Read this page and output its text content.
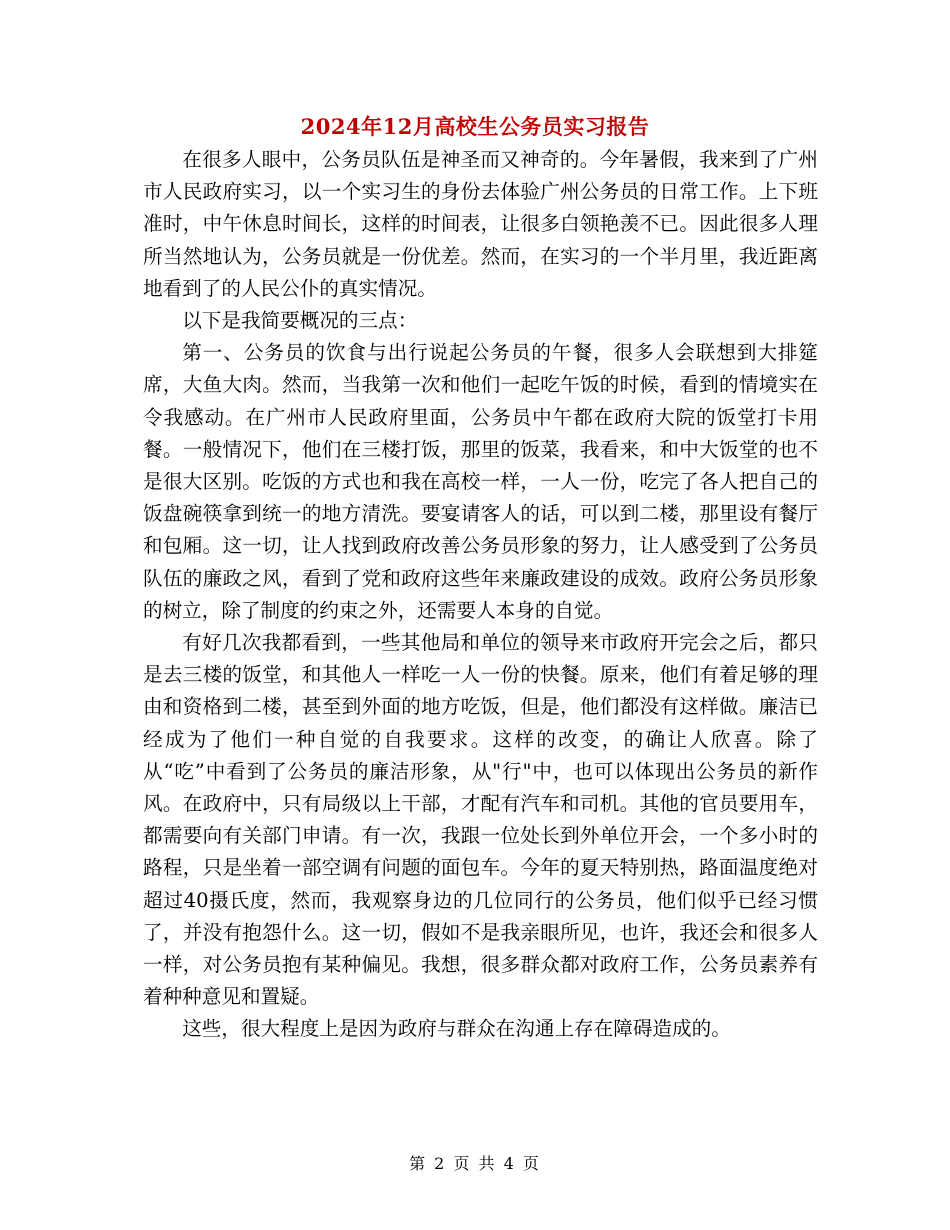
2024年12月高校生公务员实习报告

在很多人眼中，公务员队伍是神圣而又神奇的。今年暑假，我来到了广州市人民政府实习，以一个实习生的身份去体验广州公务员的日常工作。上下班准时，中午休息时间长，这样的时间表，让很多白领艳羡不已。因此很多人理所当然地认为，公务员就是一份优差。然而，在实习的一个半月里，我近距离地看到了的人民公仆的真实情况。

以下是我简要概况的三点：

第一、公务员的饮食与出行说起公务员的午餐，很多人会联想到大排筵席，大鱼大肉。然而，当我第一次和他们一起吃午饭的时候，看到的情境实在令我感动。在广州市人民政府里面，公务员中午都在政府大院的饭堂打卡用餐。一般情况下，他们在三楼打饭，那里的饭菜，我看来，和中大饭堂的也不是很大区别。吃饭的方式也和我在高校一样，一人一份，吃完了各人把自己的饭盘碗筷拿到统一的地方清洗。要宴请客人的话，可以到二楼，那里设有餐厅和包厢。这一切，让人找到政府改善公务员形象的努力，让人感受到了公务员队伍的廉政之风，看到了党和政府这些年来廉政建设的成效。政府公务员形象的树立，除了制度的约束之外，还需要人本身的自觉。

有好几次我都看到，一些其他局和单位的领导来市政府开完会之后，都只是去三楼的饭堂，和其他人一样吃一人一份的快餐。原来，他们有着足够的理由和资格到二楼，甚至到外面的地方吃饭，但是，他们都没有这样做。廉洁已经成为了他们一种自觉的自我要求。这样的改变，的确让人欣喜。除了从“吃”中看到了公务员的廉洁形象，从"行"中，也可以体现出公务员的新作风。在政府中，只有局级以上干部，才配有汽车和司机。其他的官员要用车，都需要向有关部门申请。有一次，我跟一位处长到外单位开会，一个多小时的路程，只是坐着一部空调有问题的面包车。今年的夏天特别热，路面温度绝对超过40摄氏度，然而，我观察身边的几位同行的公务员，他们似乎已经习惯了，并没有抱怨什么。这一切，假如不是我亲眼所见，也许，我还会和很多人一样，对公务员抱有某种偏见。我想，很多群众都对政府工作，公务员素养有着种种意见和置疑。

这些，很大程度上是因为政府与群众在沟通上存在障碍造成的。

第 2 页 共 4 页
